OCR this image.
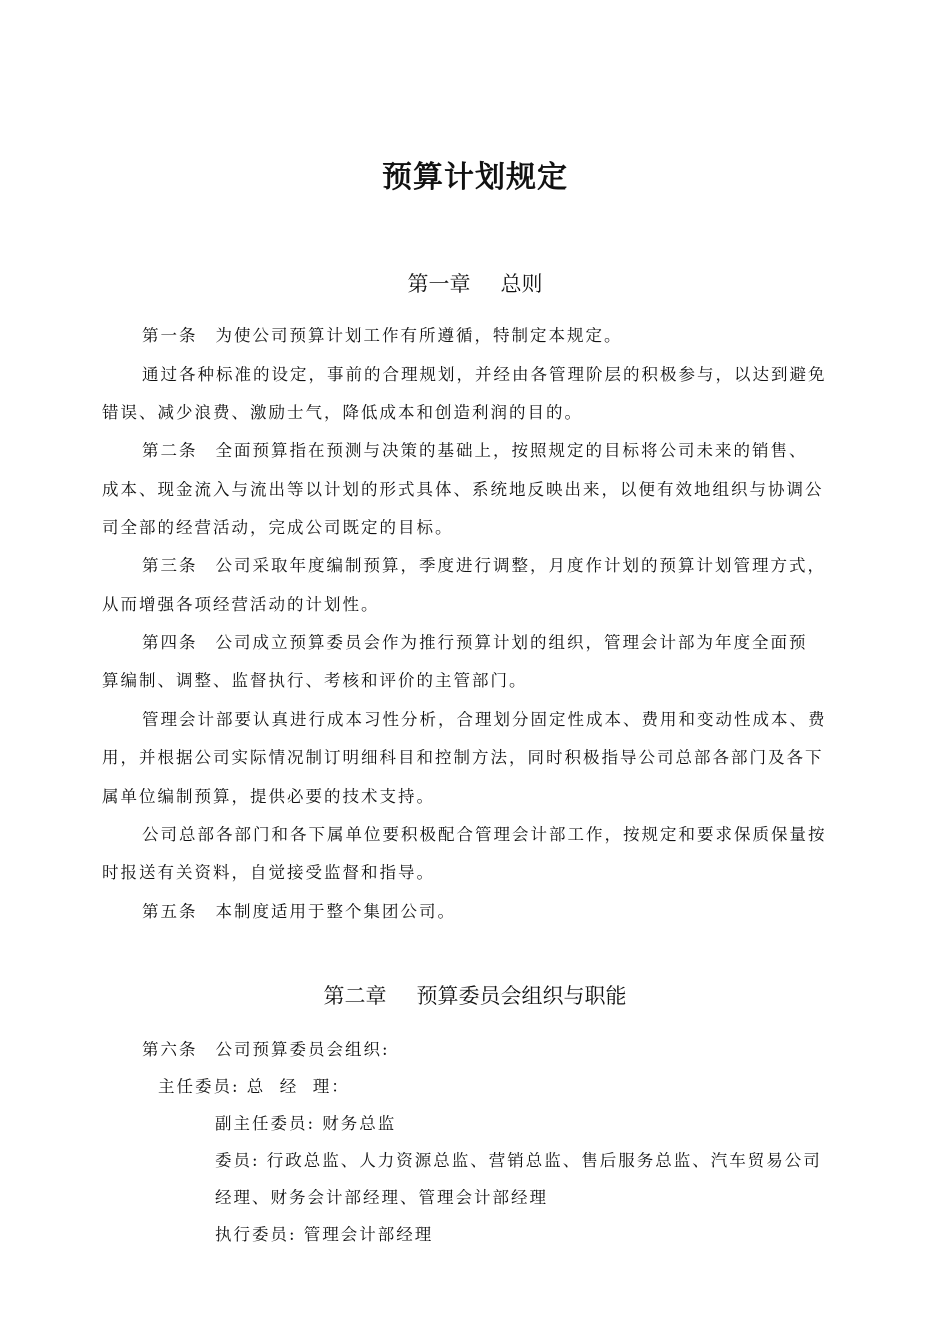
预算计划规定
第一章 总则
第一条 为使公司预算计划工作有所遵循，特制定本规定。
通过各种标准的设定，事前的合理规划，并经由各管理阶层的积极参与，以达到避免
错误、减少浪费、激励士气，降低成本和创造利润的目的。
第二条 全面预算指在预测与决策的基础上，按照规定的目标将公司未来的销售、
成本、现金流入与流出等以计划的形式具体、系统地反映出来，以便有效地组织与协调公
司全部的经营活动，完成公司既定的目标。
第三条 公司采取年度编制预算，季度进行调整，月度作计划的预算计划管理方式，
从而增强各项经营活动的计划性。
第四条 公司成立预算委员会作为推行预算计划的组织，管理会计部为年度全面预
算编制、调整、监督执行、考核和评价的主管部门。
管理会计部要认真进行成本习性分析，合理划分固定性成本、费用和变动性成本、费
用，并根据公司实际情况制订明细科目和控制方法，同时积极指导公司总部各部门及各下
属单位编制预算，提供必要的技术支持。
公司总部各部门和各下属单位要积极配合管理会计部工作，按规定和要求保质保量按
时报送有关资料，自觉接受监督和指导。
第五条 本制度适用于整个集团公司。
第二章 预算委员会组织与职能
第六条 公司预算委员会组织:
主任委员: 总  经  理：
副主任委员: 财务总监
委员: 行政总监、人力资源总监、营销总监、售后服务总监、汽车贸易公司
经理、财务会计部经理、管理会计部经理
执行委员: 管理会计部经理
